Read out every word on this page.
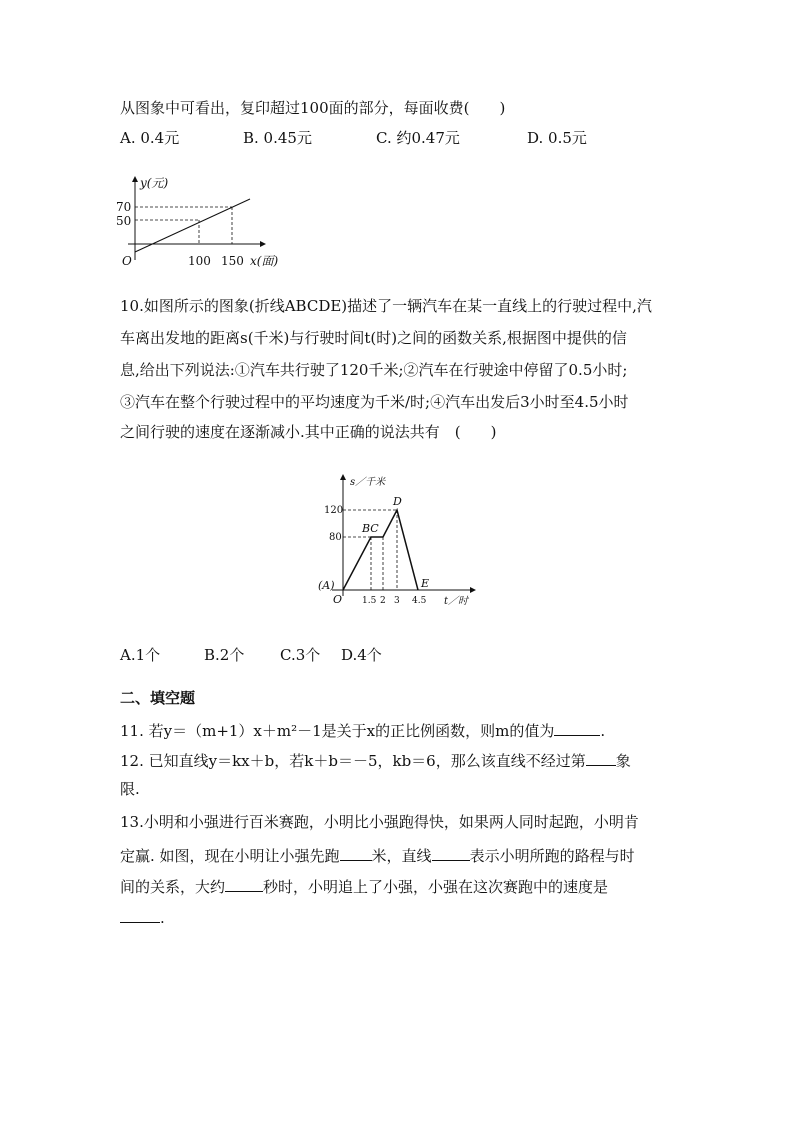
从图象中可看出，复印超过100面的部分，每面收费(　　)
A. 0.4元	B. 0.45元	C. 约0.47元	D. 0.5元
y(元)
70
50
O	100 150 x(面)
10.如图所示的图象(折线ABCDE)描述了一辆汽车在某一直线上的行驶过程中,汽
车离出发地的距离s(千米)与行驶时间t(时)之间的函数关系,根据图中提供的信
息,给出下列说法:①汽车共行驶了120千米;②汽车在行驶途中停留了0.5小时;
③汽车在整个行驶过程中的平均速度为千米/时;④汽车出发后3小时至4.5小时
之间行驶的速度在逐渐减小.其中正确的说法共有　(　　)
s／千米
120
80
D
BC
(A)	E
O 1.5 2 3 4.5 t／时
A.1个	B.2个 C.3个 D.4个
二、填空题
11. 若y＝（m+1）x＋m²－1是关于x的正比例函数，则m的值为	.
12. 已知直线y＝kx＋b，若k＋b＝－5，kb＝6，那么该直线不经过第 象
限.
13.小明和小强进行百米赛跑，小明比小强跑得快，如果两人同时起跑，小明肯
定赢. 如图，现在小明让小强先跑 米，直线	表示小明所跑的路程与时
间的关系，大约	秒时，小明追上了小强，小强在这次赛跑中的速度是
.
